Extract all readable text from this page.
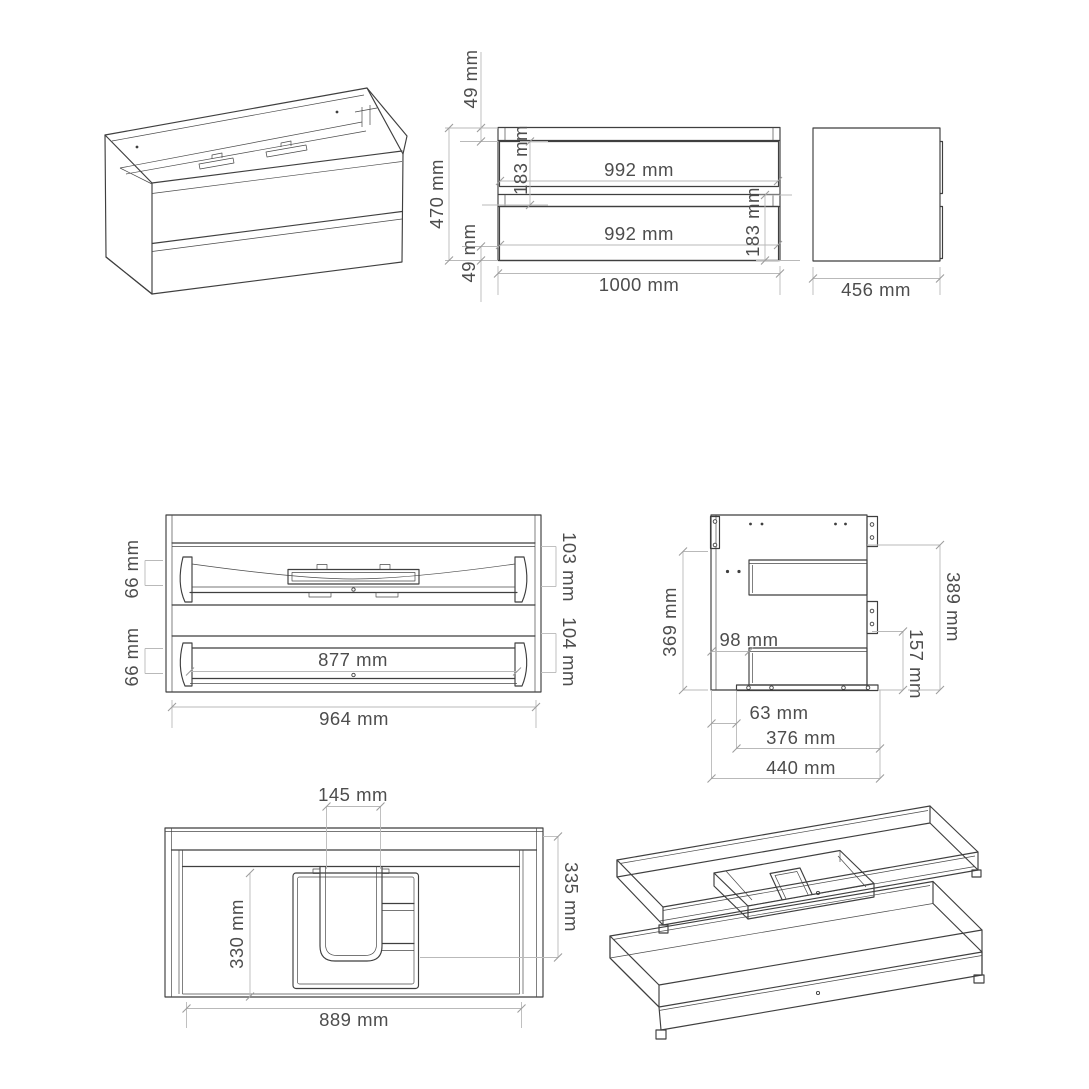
992 mm
992 mm
183 mm
183 mm
1000 mm
49 mm
470 mm
49 mm
456 mm
877 mm
66 mm
66 mm
103 mm
104 mm
964 mm
369 mm 98 mm	157 mm
389 mm
63 mm
376 mm
440 mm
145 mm
330 mm
335 mm
889 mm
